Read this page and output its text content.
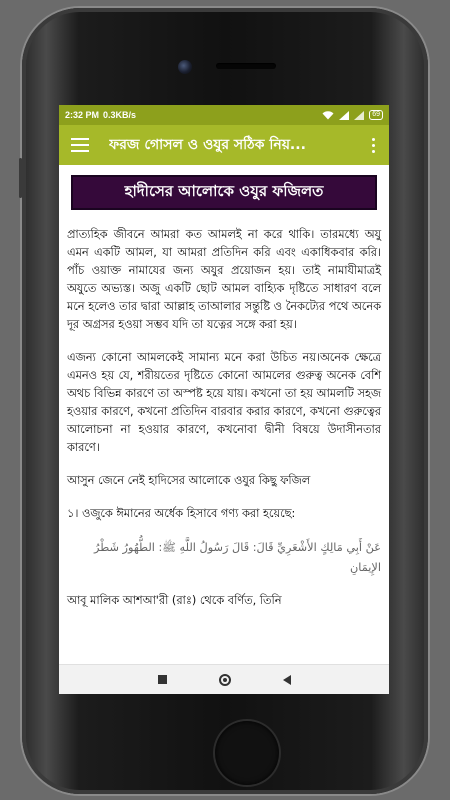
2:32 PM 0.3KB/s	69
ফরজ গোসল ও ওযুর সঠিক নিয়...
হাদীসের আলোকে ওযুর ফজিলত

প্রাত্যহিক জীবনে আমরা কত আমলই না করে থাকি। তারমধ্যে অযু এমন একটি আমল, যা আমরা প্রতিদিন করি এবং একাধিকবার করি। পাঁচ ওয়াক্ত নামাযের জন্য অযুর প্রয়োজন হয়। তাই নামাযীমাত্রই অযুতে অভ্যস্ত। অজু একটি ছোট আমল বাহ্যিক দৃষ্টিতে সাধারণ বলে মনে হলেও তার দ্বারা আল্লাহ তাআলার সন্তুষ্টি ও নৈকট্যের পথে অনেক দূর অগ্রসর হওয়া সম্ভব যদি তা যত্নের সঙ্গে করা হয়।

এজন্য কোনো আমলকেই সামান্য মনে করা উচিত নয়।অনেক ক্ষেত্রে এমনও হয় যে, শরীয়তের দৃষ্টিতে কোনো আমলের গুরুত্ব অনেক বেশি অথচ বিভিন্ন কারণে তা অস্পষ্ট হয়ে যায়। কখনো তা হয় আমলটি সহজ হওয়ার কারণে, কখনো প্রতিদিন বারবার করার কারণে, কখনো গুরুত্বের আলোচনা না হওয়ার কারণে, কখনোবা দ্বীনী বিষয়ে উদাসীনতার কারণে।

আসুন জেনে নেই হাদিসের আলোকে ওযুর কিছু ফজিল

১। ওজুকে ঈমানের অর্ধেক হিসাবে গণ্য করা হয়েছে:

عَنْ أَبِي مَالِكٍ الأَشْعَرِيِّ قَالَ: قَالَ رَسُولُ اللَّهِ ﷺ: الطُّهُورُ شَطْرُ الإِيمَانِ

আবূ মালিক আশআ'রী (রাঃ) থেকে বর্ণিত, তিনি
